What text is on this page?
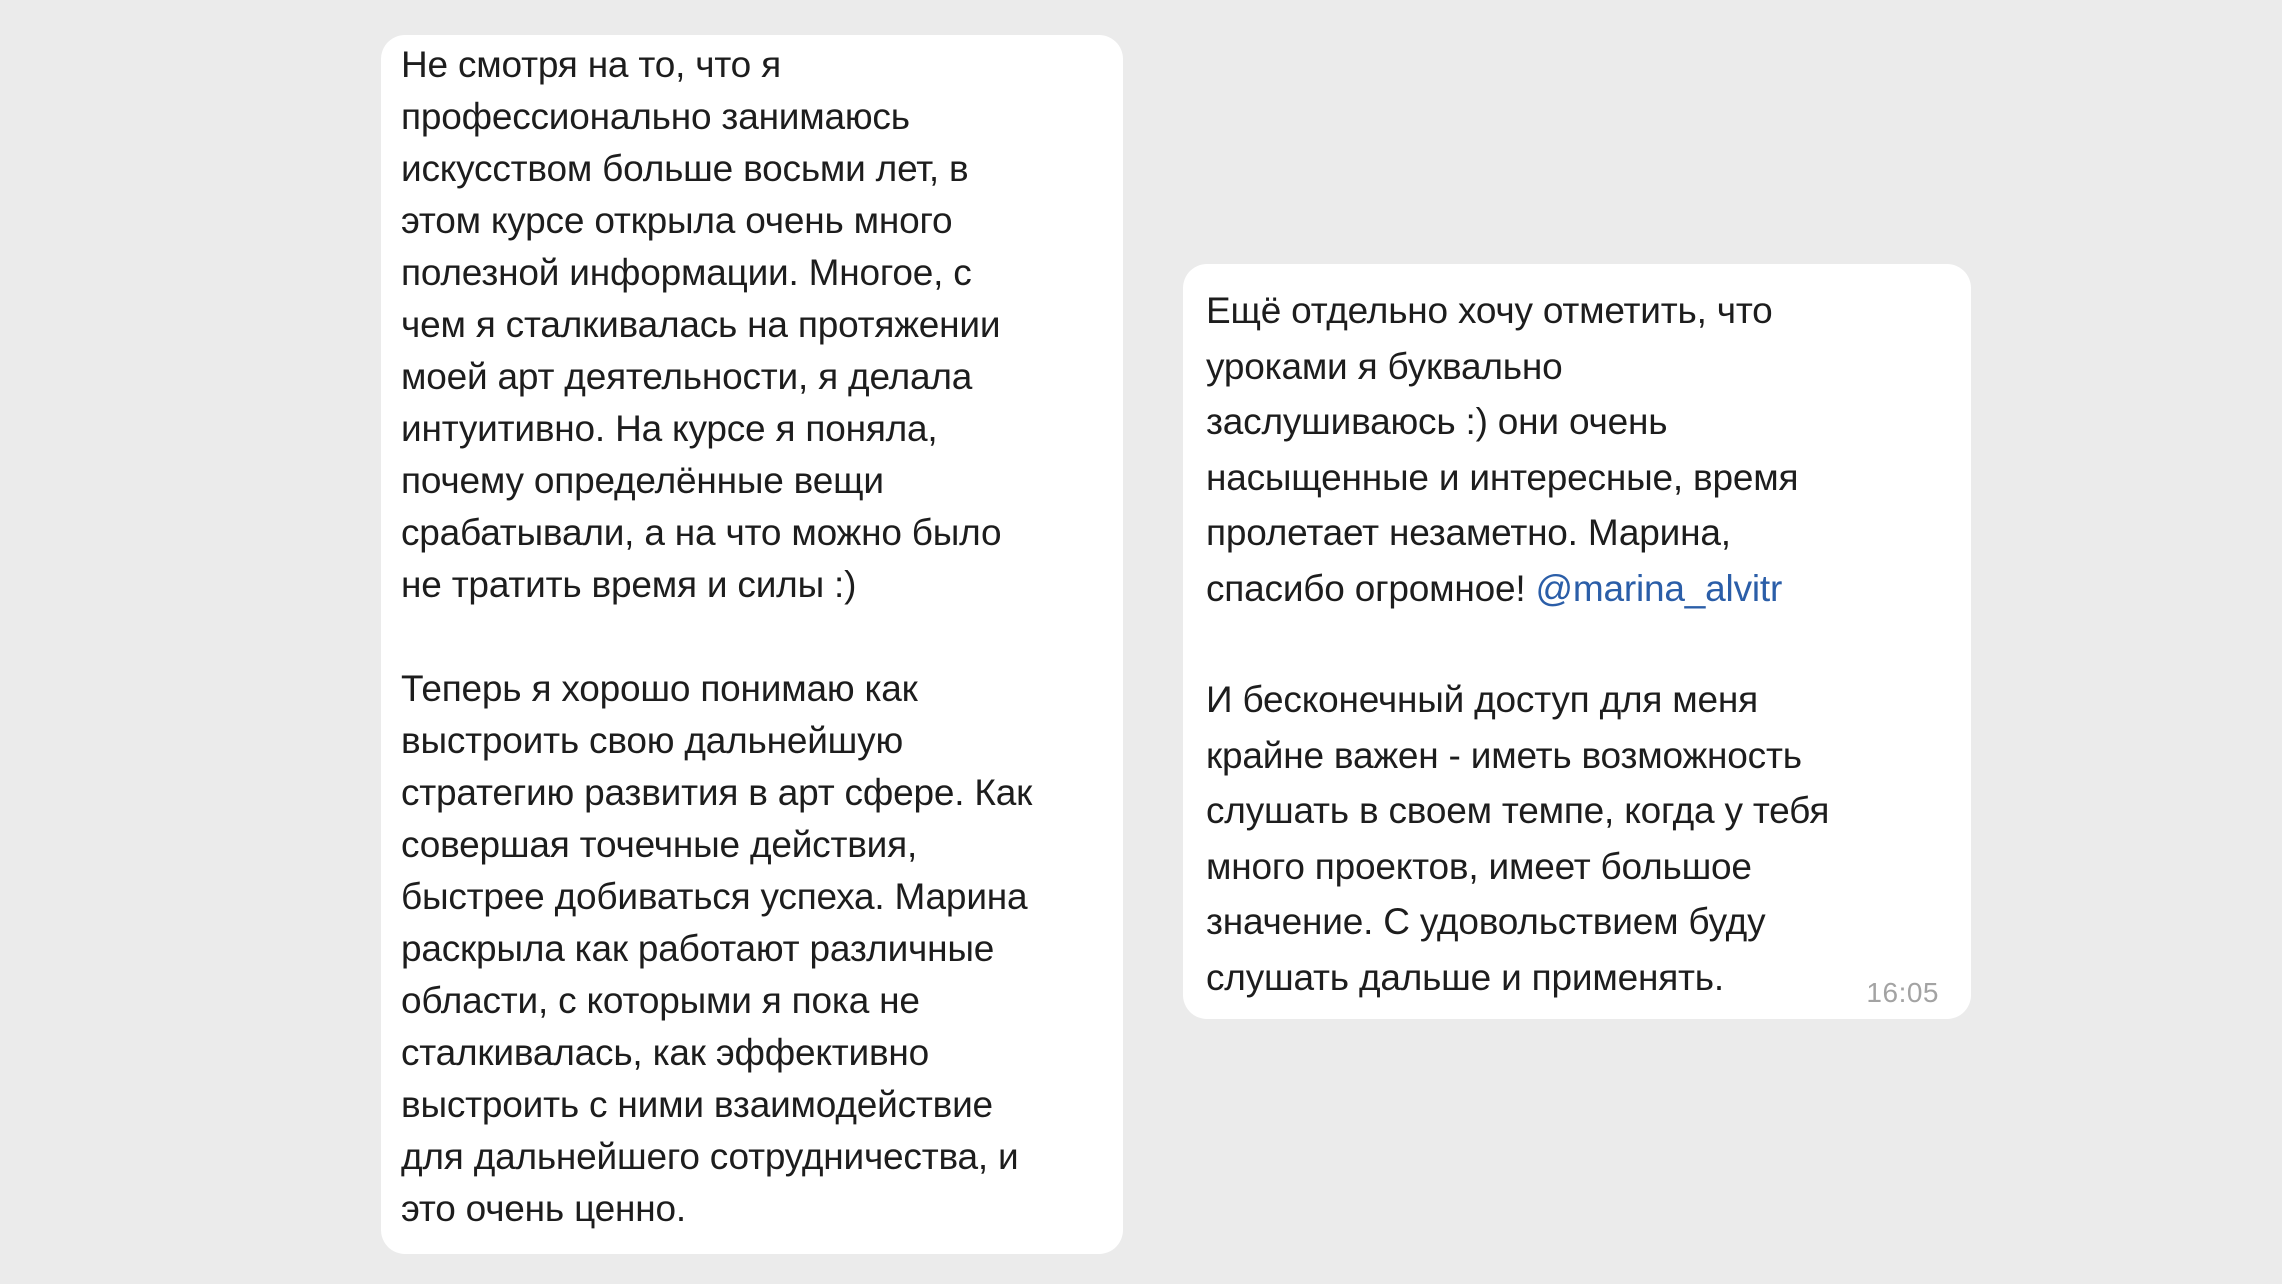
Не смотря на то, что я
профессионально занимаюсь
искусством больше восьми лет, в
этом курсе открыла очень много
полезной информации. Многое, с
чем я сталкивалась на протяжении
моей арт деятельности, я делала
интуитивно. На курсе я поняла,
почему определённые вещи
срабатывали, а на что можно было
не тратить время и силы :)

Теперь я хорошо понимаю как
выстроить свою дальнейшую
стратегию развития в арт сфере. Как
совершая точечные действия,
быстрее добиваться успеха. Марина
раскрыла как работают различные
области, с которыми я пока не
сталкивалась, как эффективно
выстроить с ними взаимодействие
для дальнейшего сотрудничества, и
это очень ценно.

Ещё отдельно хочу отметить, что
уроками я буквально
заслушиваюсь :) они очень
насыщенные и интересные, время
пролетает незаметно. Марина,
спасибо огромное! @marina_alvitr

И бесконечный доступ для меня
крайне важен - иметь возможность
слушать в своем темпе, когда у тебя
много проектов, имеет большое
значение. С удовольствием буду
слушать дальше и применять.	16:05
